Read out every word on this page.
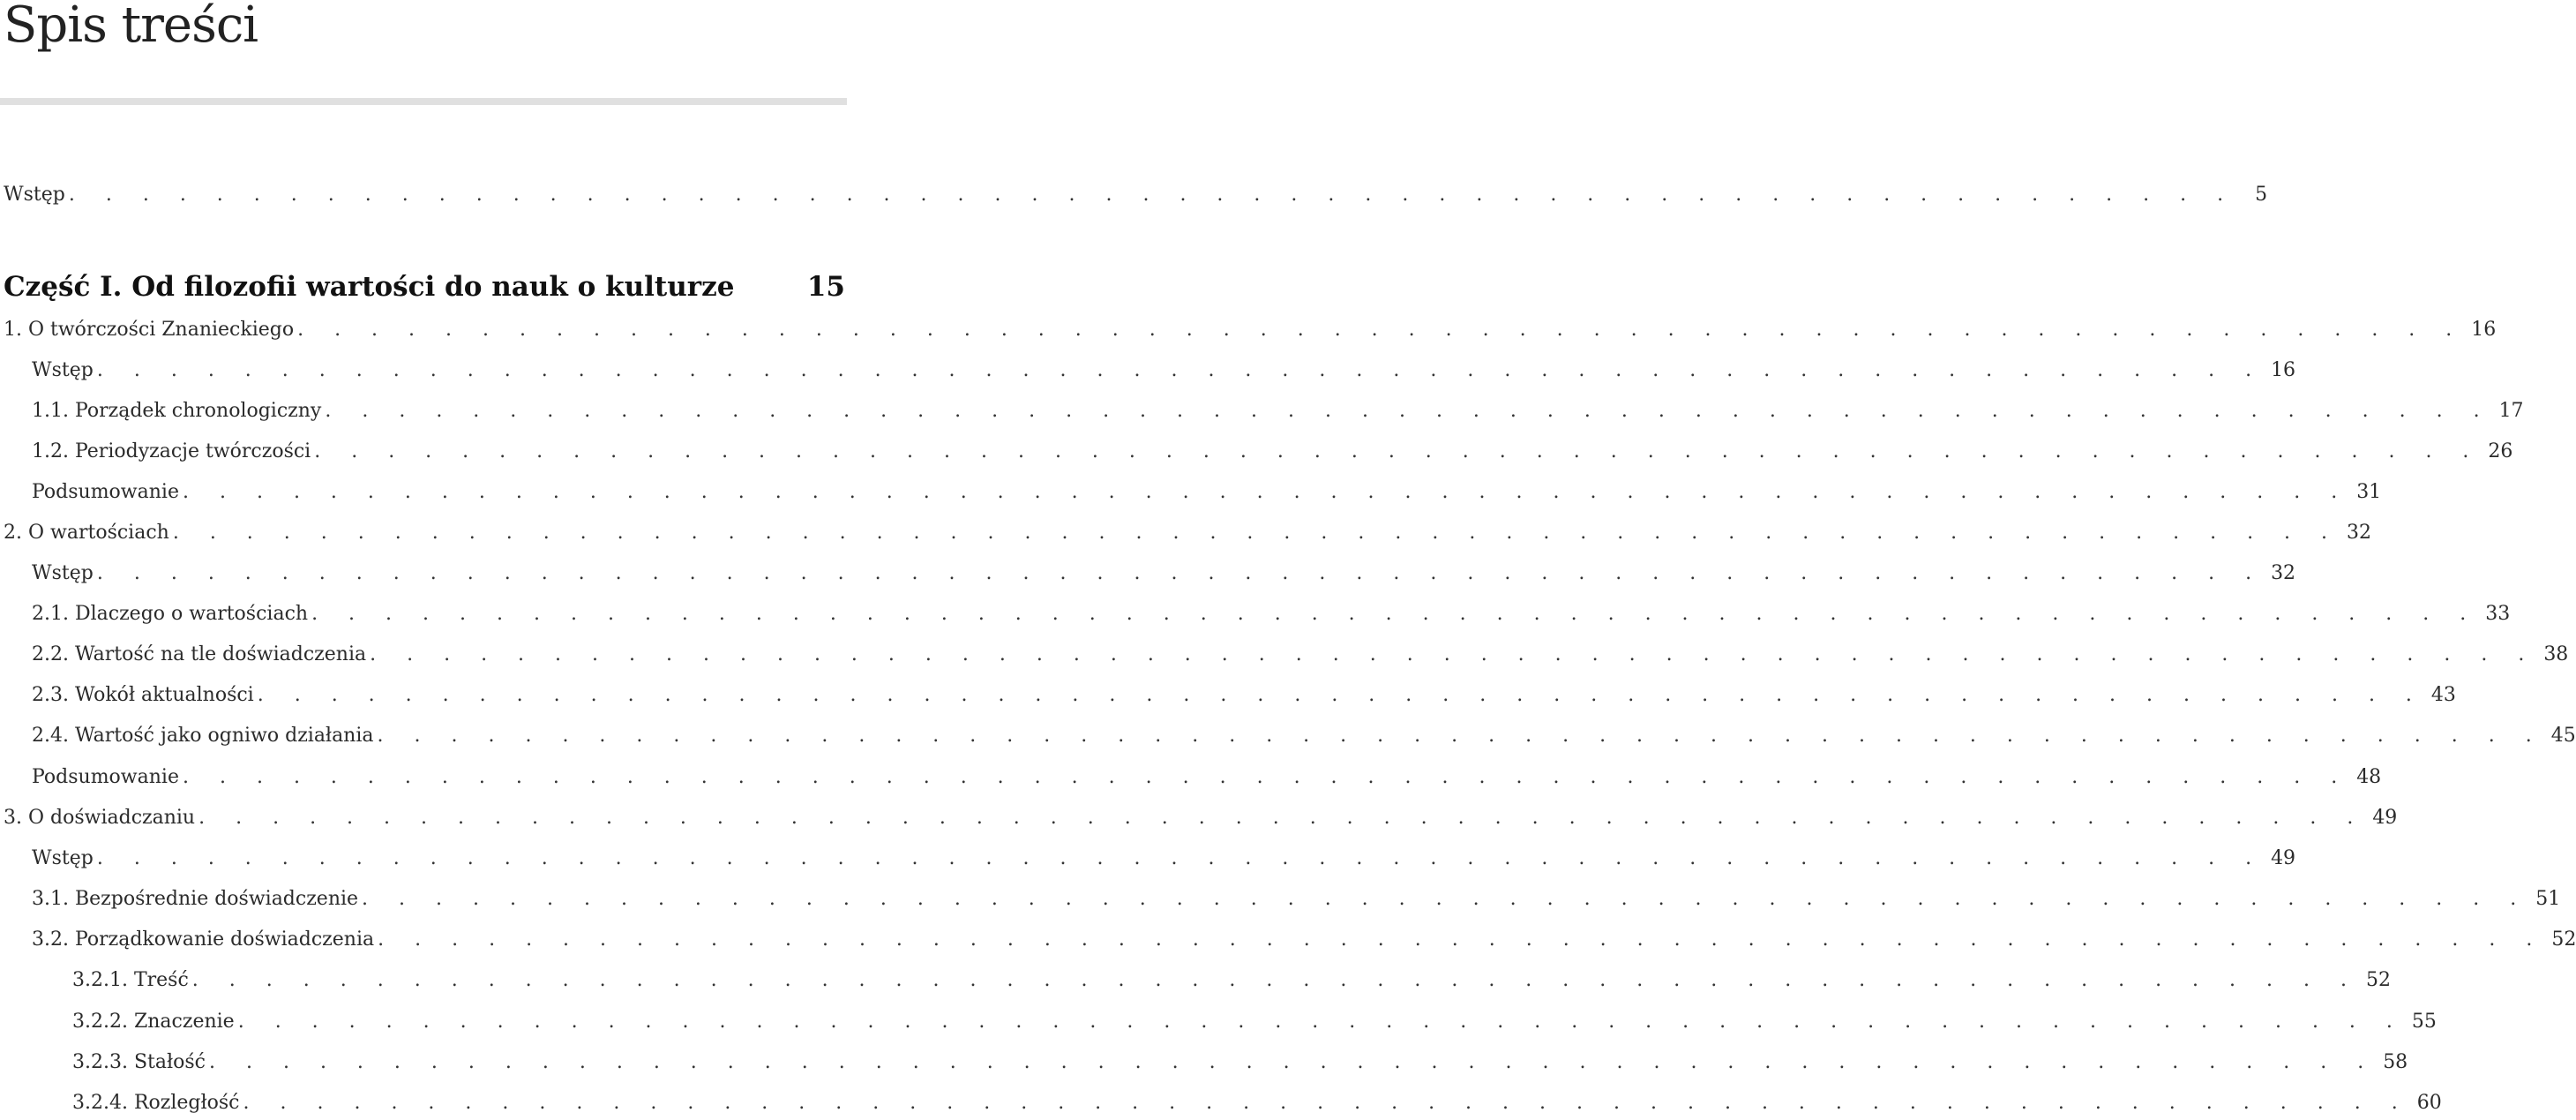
Spis treści
Wstęp . . . . . . . . . . . . . . . . . . . . . . . . . . . . . . . . . . . . . . . . . . . . . . . . . . . . . . . . . . .	5
Część I. Od filozofii wartości do nauk o kulturze	15
1. O twórczości Znanieckiego . . . . . . . . . . . . . . . . . . . . . . . . . . . . . . . . . . . . . . . . . . . . . . . . . . . . . . . . . . . 16
Wstęp . . . . . . . . . . . . . . . . . . . . . . . . . . . . . . . . . . . . . . . . . . . . . . . . . . . . . . . . . . . 16
1.1. Porządek chronologiczny . . . . . . . . . . . . . . . . . . . . . . . . . . . . . . . . . . . . . . . . . . . . . . . . . . . . . . . . . . . 17
1.2. Periodyzacje twórczości . . . . . . . . . . . . . . . . . . . . . . . . . . . . . . . . . . . . . . . . . . . . . . . . . . . . . . . . . . . 26
Podsumowanie . . . . . . . . . . . . . . . . . . . . . . . . . . . . . . . . . . . . . . . . . . . . . . . . . . . . . . . . . . . 31
2. O wartościach . . . . . . . . . . . . . . . . . . . . . . . . . . . . . . . . . . . . . . . . . . . . . . . . . . . . . . . . . . . 32
Wstęp . . . . . . . . . . . . . . . . . . . . . . . . . . . . . . . . . . . . . . . . . . . . . . . . . . . . . . . . . . . 32
2.1. Dlaczego o wartościach . . . . . . . . . . . . . . . . . . . . . . . . . . . . . . . . . . . . . . . . . . . . . . . . . . . . . . . . . . . 33
2.2. Wartość na tle doświadczenia . . . . . . . . . . . . . . . . . . . . . . . . . . . . . . . . . . . . . . . . . . . . . . . . . . . . . . . . . . . 38
2.3. Wokół aktualności . . . . . . . . . . . . . . . . . . . . . . . . . . . . . . . . . . . . . . . . . . . . . . . . . . . . . . . . . . . 43
2.4. Wartość jako ogniwo działania . . . . . . . . . . . . . . . . . . . . . . . . . . . . . . . . . . . . . . . . . . . . . . . . . . . . . . . . . . . 45
Podsumowanie . . . . . . . . . . . . . . . . . . . . . . . . . . . . . . . . . . . . . . . . . . . . . . . . . . . . . . . . . . . 48
3. O doświadczaniu . . . . . . . . . . . . . . . . . . . . . . . . . . . . . . . . . . . . . . . . . . . . . . . . . . . . . . . . . . . 49
Wstęp . . . . . . . . . . . . . . . . . . . . . . . . . . . . . . . . . . . . . . . . . . . . . . . . . . . . . . . . . . . 49
3.1. Bezpośrednie doświadczenie . . . . . . . . . . . . . . . . . . . . . . . . . . . . . . . . . . . . . . . . . . . . . . . . . . . . . . . . . . . 51
3.2. Porządkowanie doświadczenia . . . . . . . . . . . . . . . . . . . . . . . . . . . . . . . . . . . . . . . . . . . . . . . . . . . . . . . . . . . 52
3.2.1. Treść . . . . . . . . . . . . . . . . . . . . . . . . . . . . . . . . . . . . . . . . . . . . . . . . . . . . . . . . . . . 52
3.2.2. Znaczenie . . . . . . . . . . . . . . . . . . . . . . . . . . . . . . . . . . . . . . . . . . . . . . . . . . . . . . . . . . . 55
3.2.3. Stałość . . . . . . . . . . . . . . . . . . . . . . . . . . . . . . . . . . . . . . . . . . . . . . . . . . . . . . . . . . . 58
3.2.4. Rozległość . . . . . . . . . . . . . . . . . . . . . . . . . . . . . . . . . . . . . . . . . . . . . . . . . . . . . . . . . . . 60
